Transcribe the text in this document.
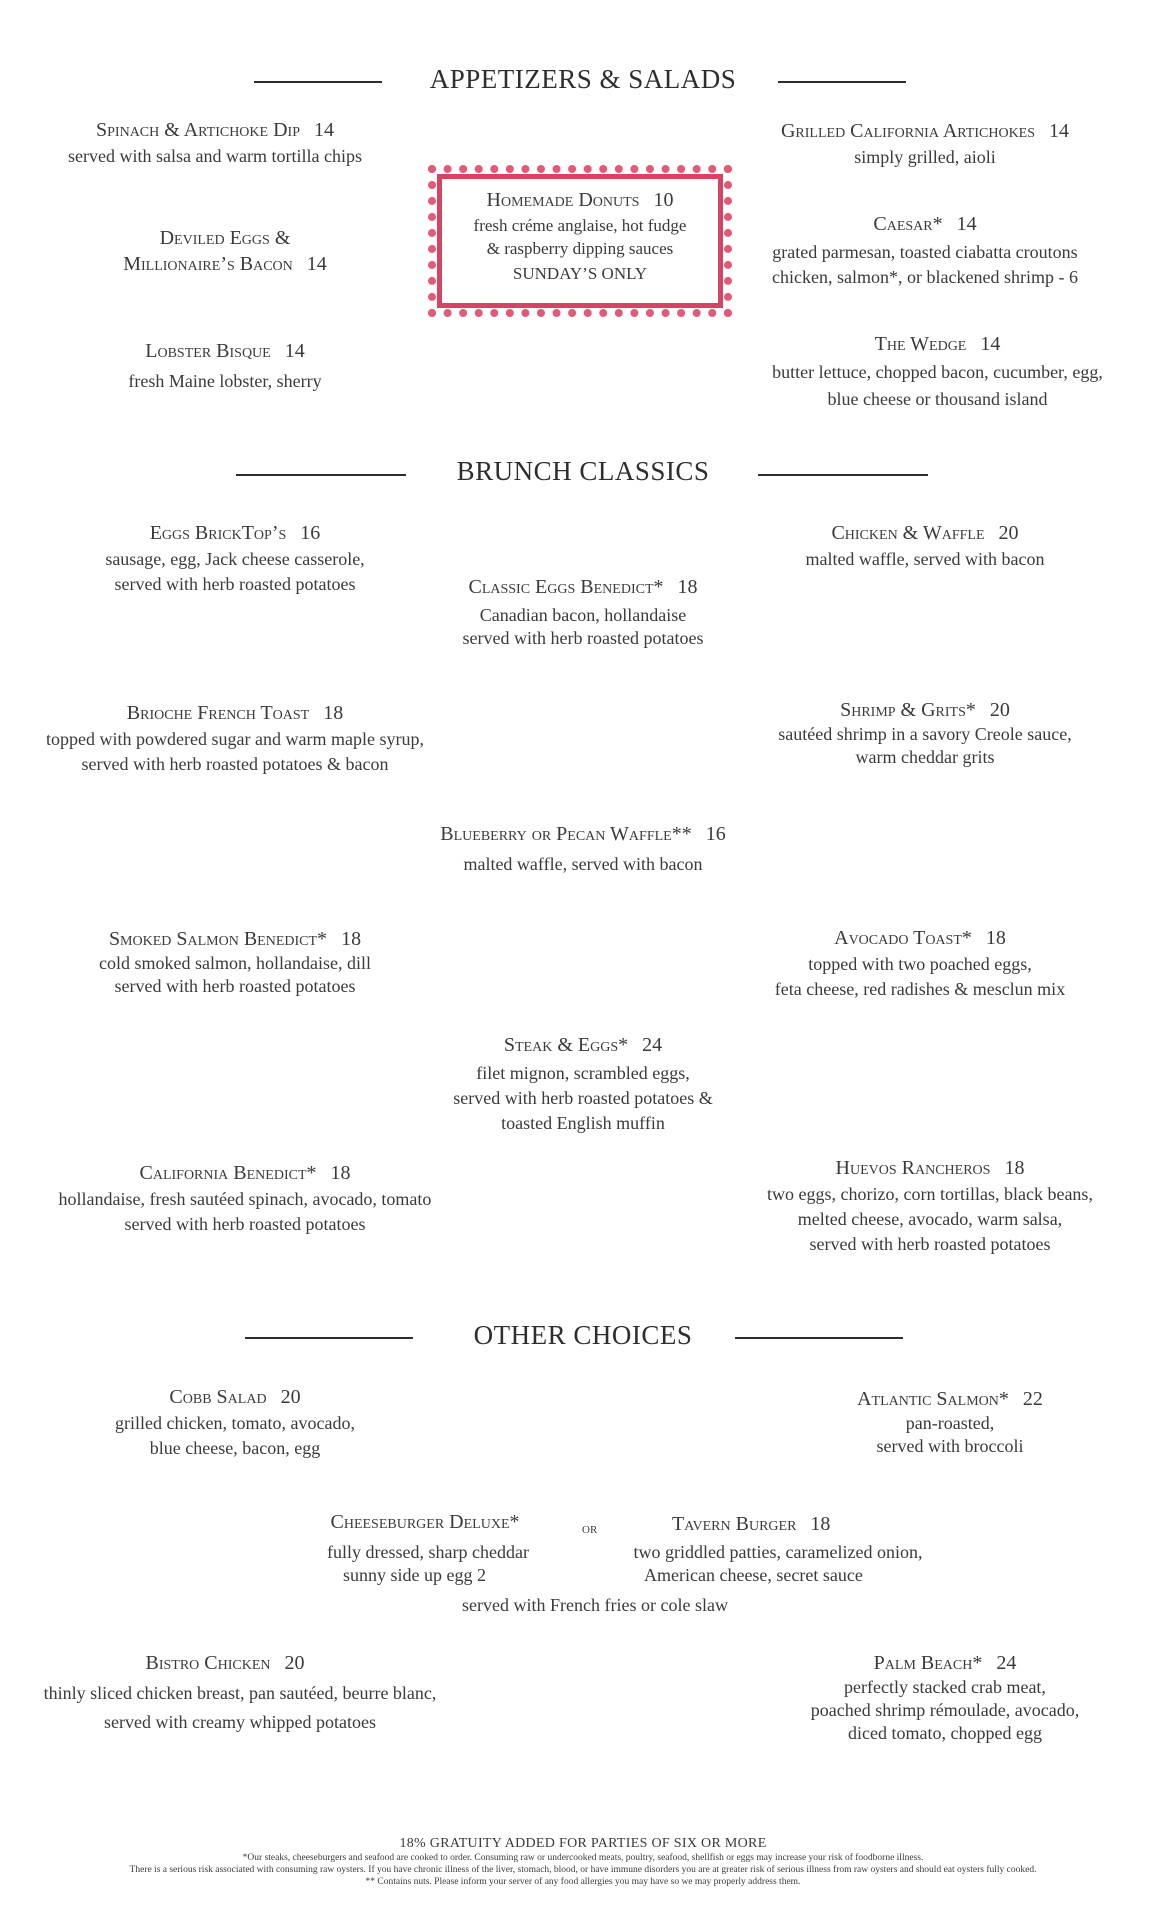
APPETIZERS & SALADS
Spinach & Artichoke Dip 14
served with salsa and warm tortilla chips
Deviled Eggs &
Millionaire’s Bacon 14
Lobster Bisque 14
fresh Maine lobster, sherry
Homemade Donuts 10
fresh créme anglaise, hot fudge
& raspberry dipping sauces
SUNDAY’S ONLY
Grilled California Artichokes 14
simply grilled, aioli
Caesar* 14
grated parmesan, toasted ciabatta croutons
chicken, salmon*, or blackened shrimp - 6
The Wedge 14
butter lettuce, chopped bacon, cucumber, egg,
blue cheese or thousand island
BRUNCH CLASSICS
Eggs BrickTop’s 16
sausage, egg, Jack cheese casserole,
served with herb roasted potatoes	Classic Eggs Benedict* 18
Canadian bacon, hollandaise
served with herb roasted potatoes
Chicken & Waffle 20
malted waffle, served with bacon
Brioche French Toast 18
topped with powdered sugar and warm maple syrup,
served with herb roasted potatoes & bacon
Shrimp & Grits* 20
sautéed shrimp in a savory Creole sauce,
warm cheddar grits
Blueberry or Pecan Waffle** 16
malted waffle, served with bacon
Smoked Salmon Benedict* 18
cold smoked salmon, hollandaise, dill
served with herb roasted potatoes
Avocado Toast* 18
topped with two poached eggs,
feta cheese, red radishes & mesclun mix
Steak & Eggs* 24
filet mignon, scrambled eggs,
served with herb roasted potatoes &
toasted English muffin
California Benedict* 18
hollandaise, fresh sautéed spinach, avocado, tomato
served with herb roasted potatoes
Huevos Rancheros 18
two eggs, chorizo, corn tortillas, black beans,
melted cheese, avocado, warm salsa,
served with herb roasted potatoes
OTHER CHOICES
Cobb Salad 20
grilled chicken, tomato, avocado,
blue cheese, bacon, egg
Atlantic Salmon* 22
pan-roasted,
served with broccoli
Cheeseburger Deluxe*
fully dressed, sharp cheddar
sunny side up egg 2
or	Tavern Burger 18
two griddled patties, caramelized onion,
American cheese, secret sauce
served with French fries or cole slaw
Bistro Chicken 20
thinly sliced chicken breast, pan sautéed, beurre blanc,
served with creamy whipped potatoes
Palm Beach* 24
perfectly stacked crab meat,
poached shrimp rémoulade, avocado,
diced tomato, chopped egg
18% GRATUITY ADDED FOR PARTIES OF SIX OR MORE
*Our steaks, cheeseburgers and seafood are cooked to order. Consuming raw or undercooked meats, poultry, seafood, shellfish or eggs may increase your risk of foodborne illness.
There is a serious risk associated with consuming raw oysters. If you have chronic illness of the liver, stomach, blood, or have immune disorders you are at greater risk of serious illness from raw oysters and should eat oysters fully cooked.
** Contains nuts. Please inform your server of any food allergies you may have so we may properly address them.
